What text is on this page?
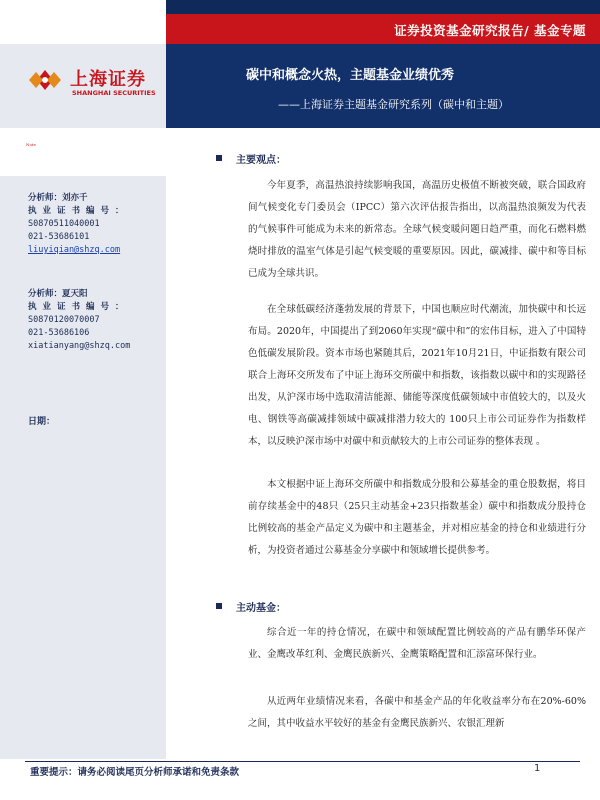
证券投资基金研究报告/ 基金专题
碳中和概念火热，主题基金业绩优秀
——上海证券主题基金研究系列（碳中和主题）
上海证券
SHANGHAI SECURITIES
Note
分析师：刘亦千
执业证书编号：
S0870511040001
021-53686101
liuyiqian@shzq.com
分析师：夏天阳
执业证书编号：
S0870120070007
021-53686106
xiatianyang@shzq.com
日期：
主要观点：
今年夏季，高温热浪持续影响我国，高温历史极值不断被突破，联合国政府间气候变化专门委员会（IPCC）第六次评估报告指出，以高温热浪频发为代表的气候事件可能成为未来的新常态。全球气候变暖问题日趋严重，而化石燃料燃烧时排放的温室气体是引起气候变暖的重要原因。因此，碳减排、碳中和等目标已成为全球共识。
在全球低碳经济蓬勃发展的背景下，中国也顺应时代潮流，加快碳中和长远布局。2020年，中国提出了到2060年实现“碳中和”的宏伟目标，进入了中国特色低碳发展阶段。资本市场也紧随其后，2021年10月21日，中证指数有限公司联合上海环交所发布了中证上海环交所碳中和指数，该指数以碳中和的实现路径出发，从沪深市场中选取清洁能源、储能等深度低碳领域中市值较大的，以及火电、钢铁等高碳减排领域中碳减排潜力较大的 100只上市公司证券作为指数样本，以反映沪深市场中对碳中和贡献较大的上市公司证券的整体表现 。
本文根据中证上海环交所碳中和指数成分股和公募基金的重仓股数据，将目前存续基金中的48只（25只主动基金+23只指数基金）碳中和指数成分股持仓比例较高的基金产品定义为碳中和主题基金，并对相应基金的持仓和业绩进行分析，为投资者通过公募基金分享碳中和领域增长提供参考。
主动基金：
综合近一年的持仓情况，在碳中和领域配置比例较高的产品有鹏华环保产业、金鹰改革红利、金鹰民族新兴、金鹰策略配置和汇添富环保行业。
从近两年业绩情况来看，各碳中和基金产品的年化收益率分布在20%-60%之间，其中收益水平较好的基金有金鹰民族新兴、农银汇理新
重要提示：请务必阅读尾页分析师承诺和免责条款	1
